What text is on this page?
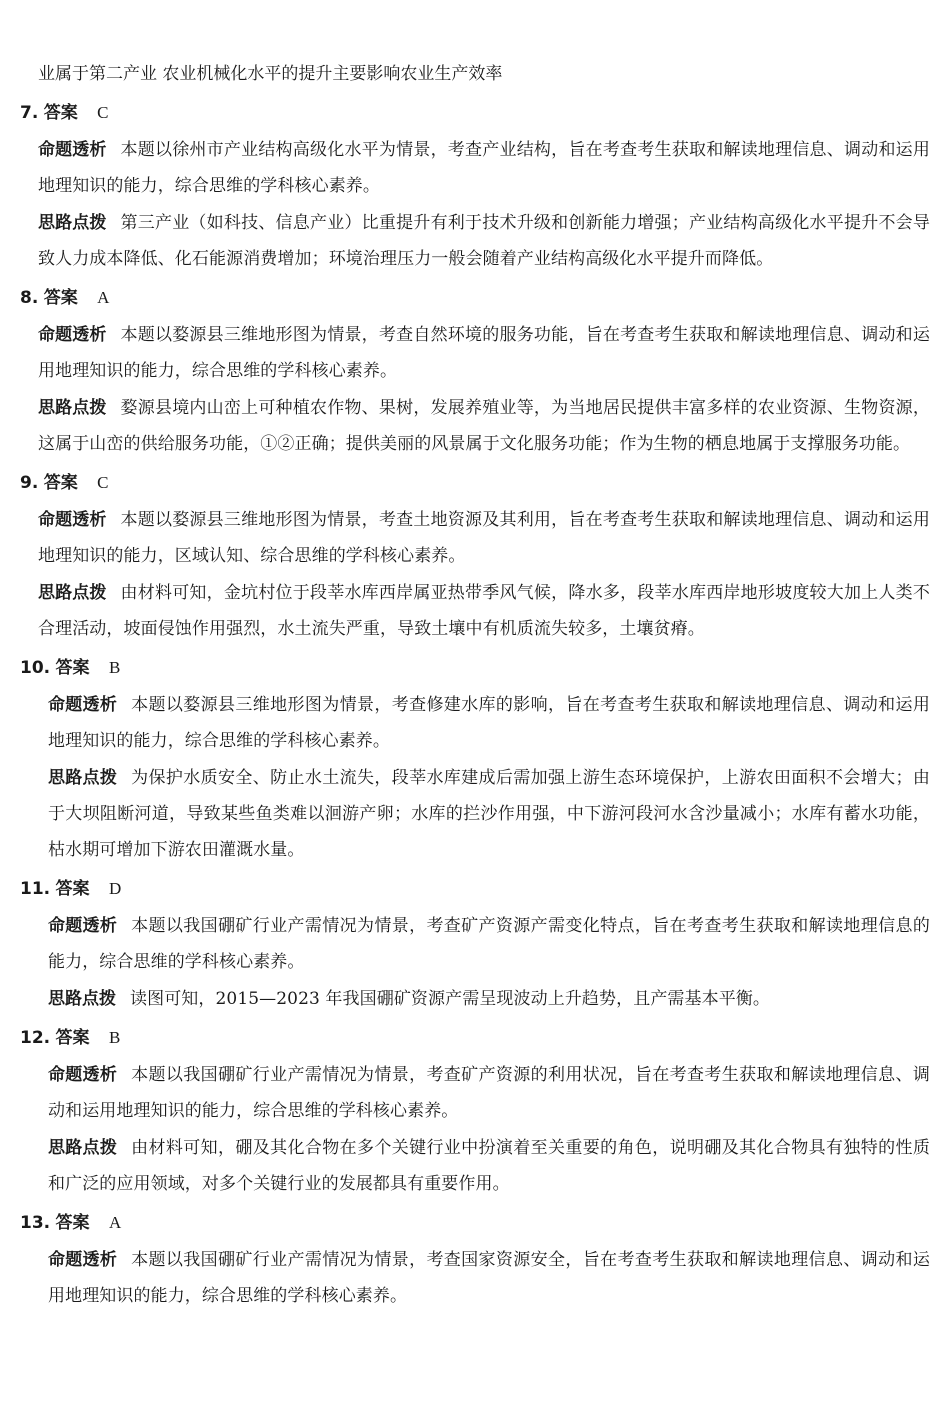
业属于第二产业 农业机械化水平的提升主要影响农业生产效率
7. 答案 C
命题透析 本题以徐州市产业结构高级化水平为情景，考查产业结构，旨在考查考生获取和解读地理信息、调动和运用地理知识的能力，综合思维的学科核心素养。
思路点拨 第三产业（如科技、信息产业）比重提升有利于技术升级和创新能力增强；产业结构高级化水平提升不会导致人力成本降低、化石能源消费增加；环境治理压力一般会随着产业结构高级化水平提升而降低。
8. 答案 A
命题透析 本题以婺源县三维地形图为情景，考查自然环境的服务功能，旨在考查考生获取和解读地理信息、调动和运用地理知识的能力，综合思维的学科核心素养。
思路点拨 婺源县境内山峦上可种植农作物、果树，发展养殖业等，为当地居民提供丰富多样的农业资源、生物资源，这属于山峦的供给服务功能，①②正确；提供美丽的风景属于文化服务功能；作为生物的栖息地属于支撑服务功能。
9. 答案 C
命题透析 本题以婺源县三维地形图为情景，考查土地资源及其利用，旨在考查考生获取和解读地理信息、调动和运用地理知识的能力，区域认知、综合思维的学科核心素养。
思路点拨 由材料可知，金坑村位于段莘水库西岸属亚热带季风气候，降水多，段莘水库西岸地形坡度较大加上人类不合理活动，坡面侵蚀作用强烈，水土流失严重，导致土壤中有机质流失较多，土壤贫瘠。
10. 答案 B
命题透析 本题以婺源县三维地形图为情景，考查修建水库的影响，旨在考查考生获取和解读地理信息、调动和运用地理知识的能力，综合思维的学科核心素养。
思路点拨 为保护水质安全、防止水土流失，段莘水库建成后需加强上游生态环境保护，上游农田面积不会增大；由于大坝阻断河道，导致某些鱼类难以洄游产卵；水库的拦沙作用强，中下游河段河水含沙量减小；水库有蓄水功能，枯水期可增加下游农田灌溉水量。
11. 答案 D
命题透析 本题以我国硼矿行业产需情况为情景，考查矿产资源产需变化特点，旨在考查考生获取和解读地理信息的能力，综合思维的学科核心素养。
思路点拨 读图可知，2015—2023 年我国硼矿资源产需呈现波动上升趋势，且产需基本平衡。
12. 答案 B
命题透析 本题以我国硼矿行业产需情况为情景，考查矿产资源的利用状况，旨在考查考生获取和解读地理信息、调动和运用地理知识的能力，综合思维的学科核心素养。
思路点拨 由材料可知，硼及其化合物在多个关键行业中扮演着至关重要的角色，说明硼及其化合物具有独特的性质和广泛的应用领域，对多个关键行业的发展都具有重要作用。
13. 答案 A
命题透析 本题以我国硼矿行业产需情况为情景，考查国家资源安全，旨在考查考生获取和解读地理信息、调动和运用地理知识的能力，综合思维的学科核心素养。
